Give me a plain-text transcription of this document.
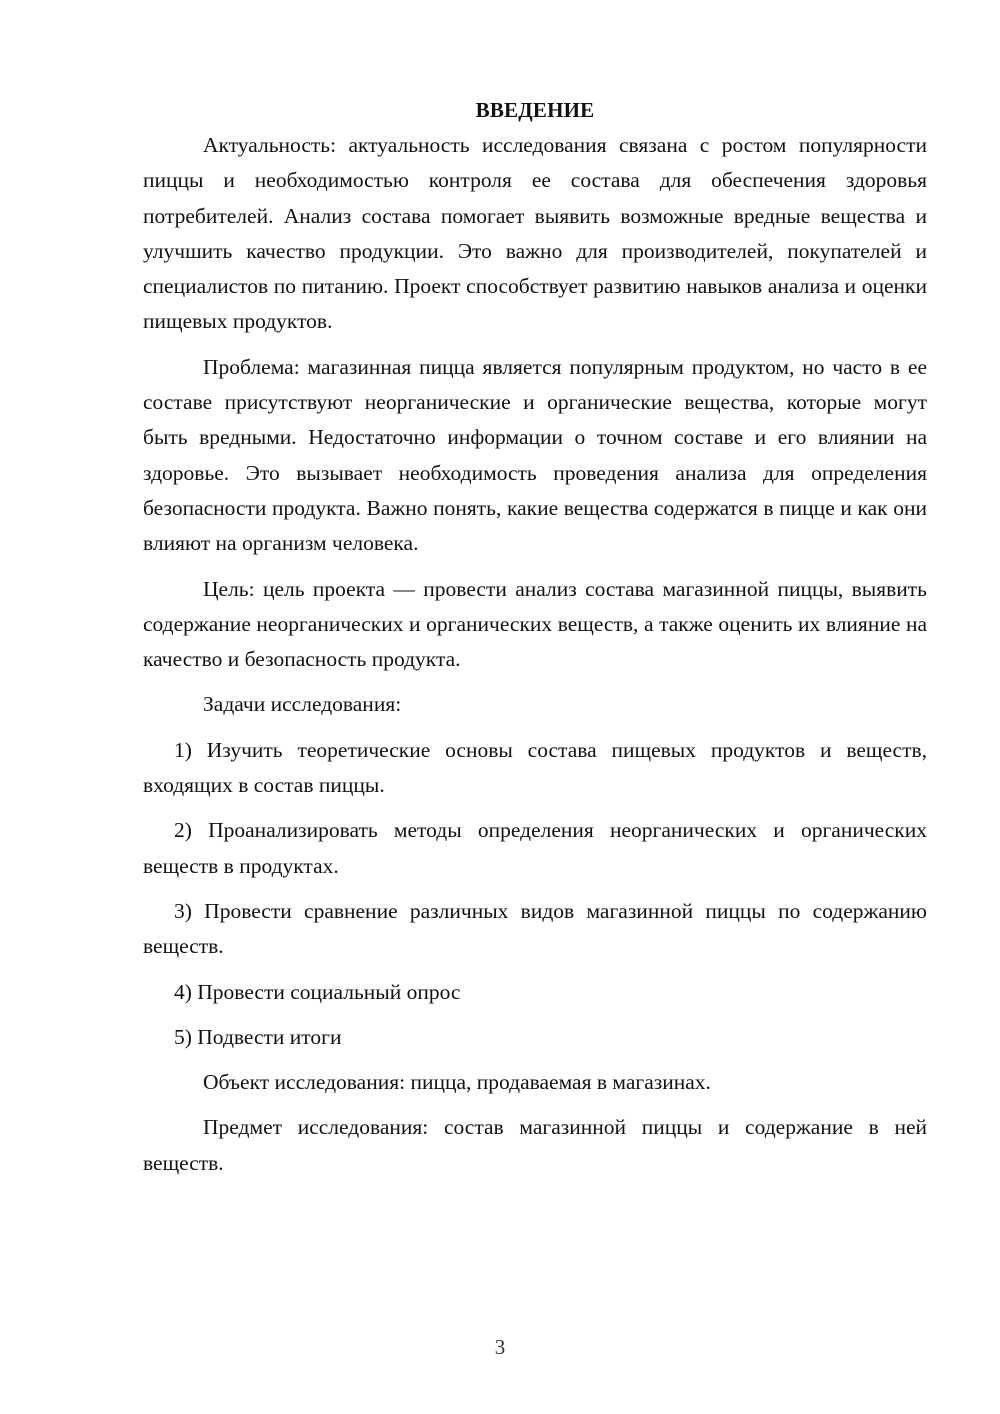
ВВЕДЕНИЕ

Актуальность: актуальность исследования связана с ростом популярности пиццы и необходимостью контроля ее состава для обеспечения здоровья потребителей. Анализ состава помогает выявить возможные вредные вещества и улучшить качество продукции. Это важно для производителей, покупателей и специалистов по питанию. Проект способствует развитию навыков анализа и оценки пищевых продуктов.

Проблема: магазинная пицца является популярным продуктом, но часто в ее составе присутствуют неорганические и органические вещества, которые могут быть вредными. Недостаточно информации о точном составе и его влиянии на здоровье. Это вызывает необходимость проведения анализа для определения безопасности продукта. Важно понять, какие вещества содержатся в пицце и как они влияют на организм человека.

Цель: цель проекта — провести анализ состава магазинной пиццы, выявить содержание неорганических и органических веществ, а также оценить их влияние на качество и безопасность продукта.

Задачи исследования:

1) Изучить теоретические основы состава пищевых продуктов и веществ, входящих в состав пиццы.

2) Проанализировать методы определения неорганических и органических веществ в продуктах.

3) Провести сравнение различных видов магазинной пиццы по содержанию веществ.

4) Провести социальный опрос

5) Подвести итоги

Объект исследования: пицца, продаваемая в магазинах.

Предмет исследования: состав магазинной пиццы и содержание в ней веществ.

3
